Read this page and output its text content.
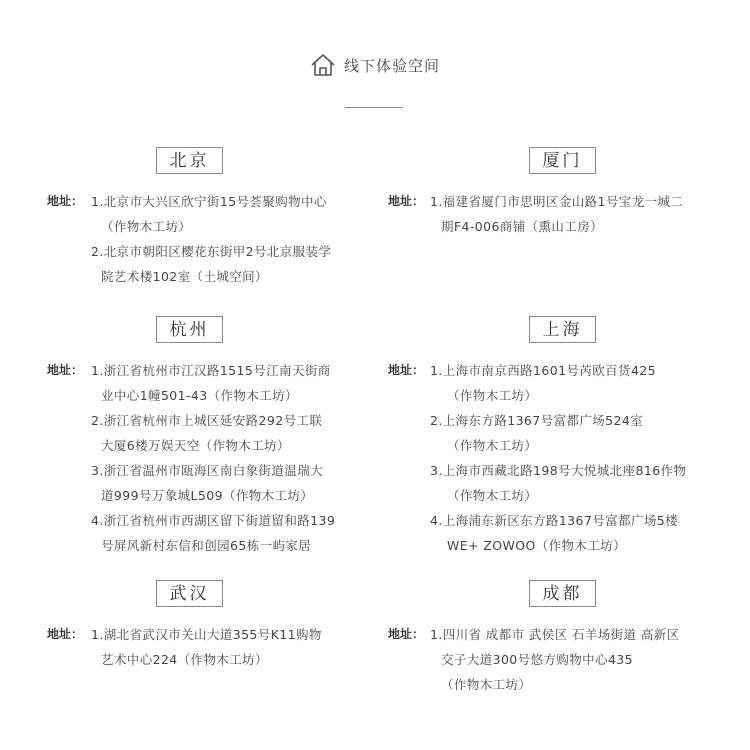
线下体验空间
北京
地址： 1.北京市大兴区欣宁街15号荟聚购物中心
（作物木工坊）
2.北京市朝阳区樱花东街甲2号北京服装学
院艺术楼102室（土城空间）
厦门
地址： 1.福建省厦门市思明区金山路1号宝龙一城二
期F4-006商铺（熏山工房）
杭州
地址： 1.浙江省杭州市江汉路1515号江南天街商
业中心1幢501-43（作物木工坊）
2.浙江省杭州市上城区延安路292号工联
大厦6楼万娱天空（作物木工坊）
3.浙江省温州市瓯海区南白象街道温瑞大
道999号万象城L509（作物木工坊）
4.浙江省杭州市西湖区留下街道留和路139
号屏风新村东信和创园65栋一屿家居
上海
地址： 1.上海市南京西路1601号芮欧百货425
（作物木工坊）
2.上海东方路1367号富都广场524室
（作物木工坊）
3.上海市西藏北路198号大悦城北座816作物
（作物木工坊）
4.上海浦东新区东方路1367号富都广场5楼
WE+ ZOWOO（作物木工坊）
武汉
地址： 1.湖北省武汉市关山大道355号K11购物
艺术中心224（作物木工坊）
成都
地址： 1.四川省 成都市 武侯区 石羊场街道 高新区
交子大道300号悠方购物中心435
（作物木工坊）
